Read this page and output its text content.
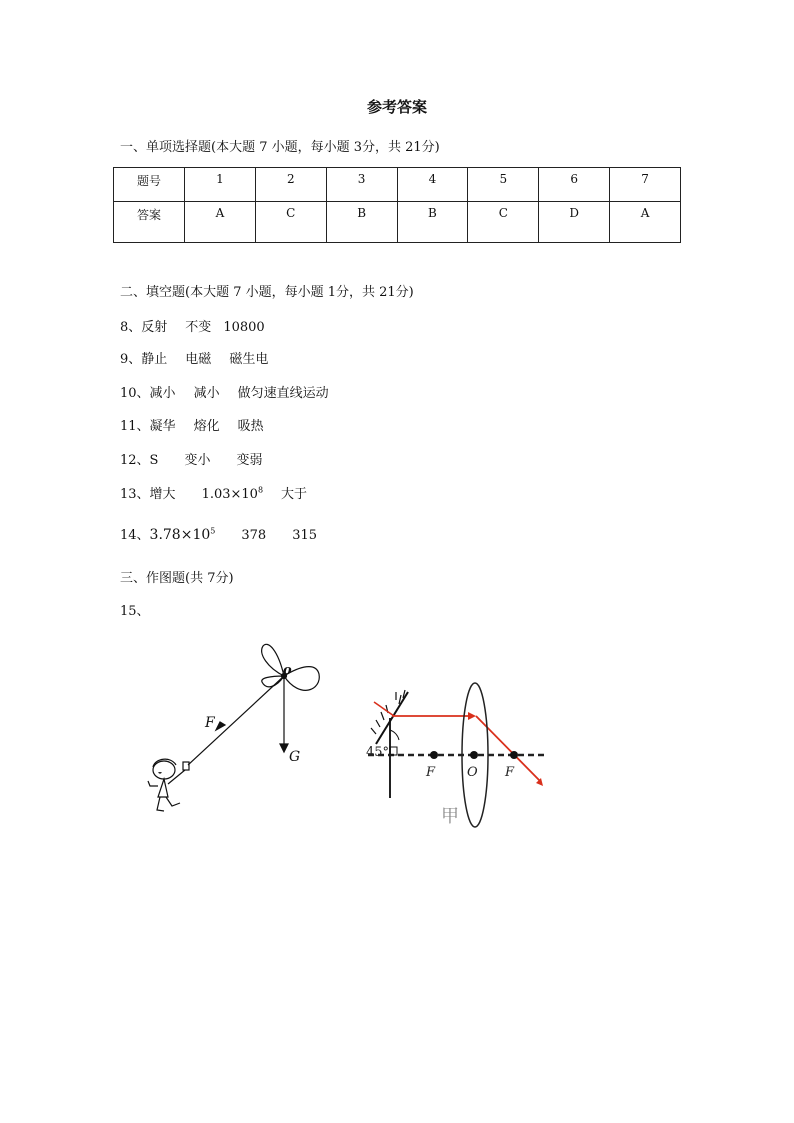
参考答案
一、单项选择题(本大题 7 小题，每小题 3分，共 21分)
题号	1	2	3	4	5	6	7
答案	A	C	B	B	C	D	A
二、填空题(本大题 7 小题，每小题 1分，共 21分)
8、反射 不变 10800
9、静止 电磁 磁生电
10、减小 减小 做匀速直线运动
11、凝华 熔化 吸热
12、S 变小 变弱
13、增大 $1.03\times 10^8$ 大于
14、$3.78\times 10^5$ 378 315
三、作图题(共 7分)
15、
o
F
G	45°
F O F
甲
